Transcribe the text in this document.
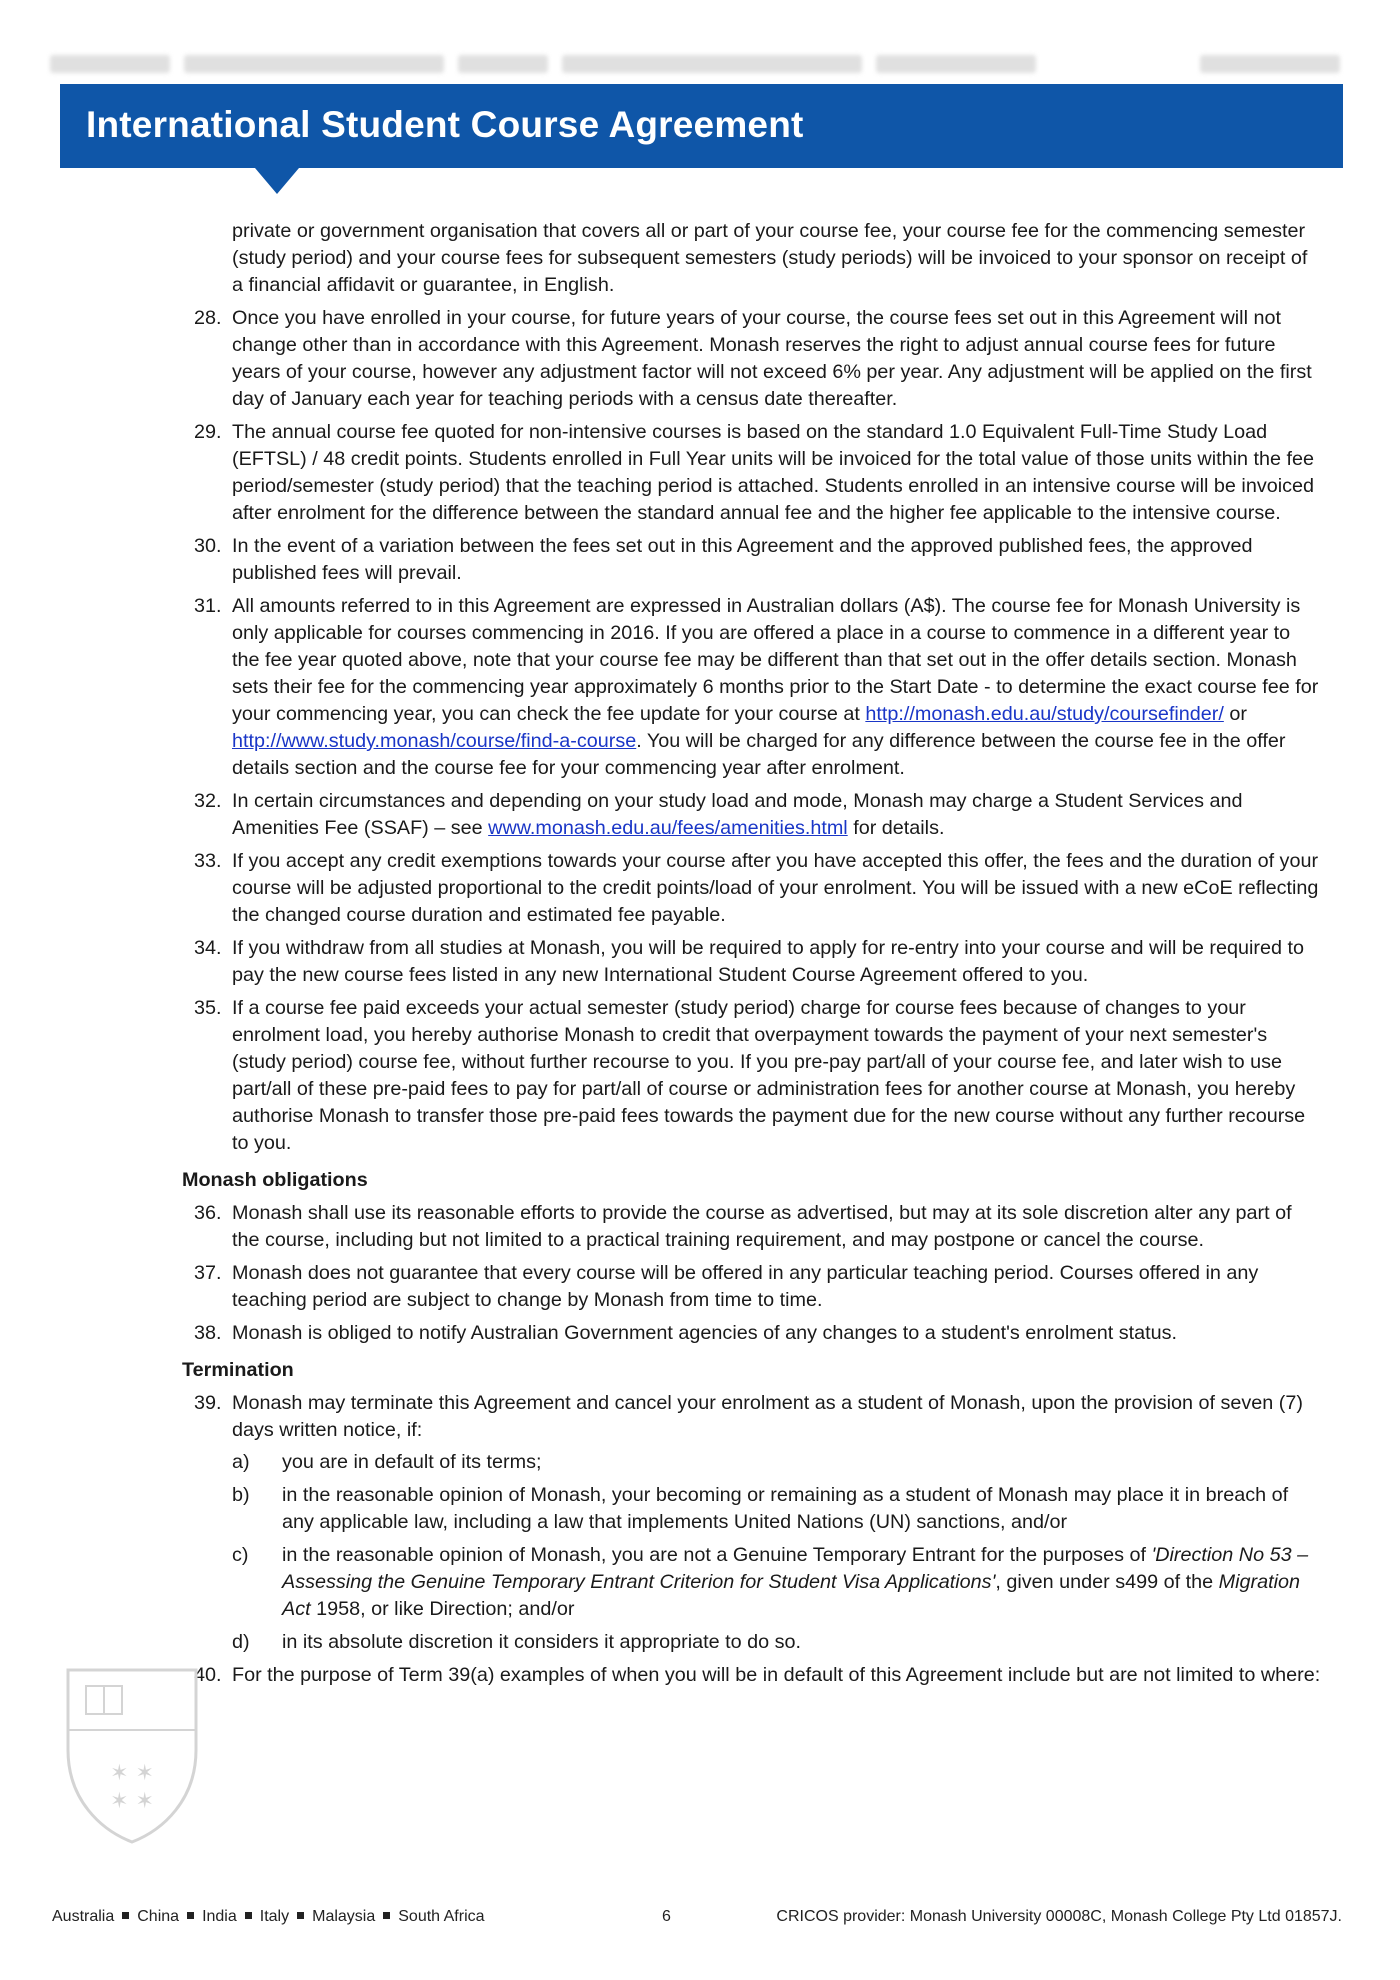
International Student Course Agreement
private or government organisation that covers all or part of your course fee, your course fee for the commencing semester (study period) and your course fees for subsequent semesters (study periods) will be invoiced to your sponsor on receipt of a financial affidavit or guarantee, in English.
28. Once you have enrolled in your course, for future years of your course, the course fees set out in this Agreement will not change other than in accordance with this Agreement. Monash reserves the right to adjust annual course fees for future years of your course, however any adjustment factor will not exceed 6% per year. Any adjustment will be applied on the first day of January each year for teaching periods with a census date thereafter.
29. The annual course fee quoted for non-intensive courses is based on the standard 1.0 Equivalent Full-Time Study Load (EFTSL) / 48 credit points. Students enrolled in Full Year units will be invoiced for the total value of those units within the fee period/semester (study period) that the teaching period is attached. Students enrolled in an intensive course will be invoiced after enrolment for the difference between the standard annual fee and the higher fee applicable to the intensive course.
30. In the event of a variation between the fees set out in this Agreement and the approved published fees, the approved published fees will prevail.
31. All amounts referred to in this Agreement are expressed in Australian dollars (A$). The course fee for Monash University is only applicable for courses commencing in 2016. If you are offered a place in a course to commence in a different year to the fee year quoted above, note that your course fee may be different than that set out in the offer details section. Monash sets their fee for the commencing year approximately 6 months prior to the Start Date - to determine the exact course fee for your commencing year, you can check the fee update for your course at http://monash.edu.au/study/coursefinder/ or http://www.study.monash/course/find-a-course. You will be charged for any difference between the course fee in the offer details section and the course fee for your commencing year after enrolment.
32. In certain circumstances and depending on your study load and mode, Monash may charge a Student Services and Amenities Fee (SSAF) – see www.monash.edu.au/fees/amenities.html for details.
33. If you accept any credit exemptions towards your course after you have accepted this offer, the fees and the duration of your course will be adjusted proportional to the credit points/load of your enrolment. You will be issued with a new eCoE reflecting the changed course duration and estimated fee payable.
34. If you withdraw from all studies at Monash, you will be required to apply for re-entry into your course and will be required to pay the new course fees listed in any new International Student Course Agreement offered to you.
35. If a course fee paid exceeds your actual semester (study period) charge for course fees because of changes to your enrolment load, you hereby authorise Monash to credit that overpayment towards the payment of your next semester's (study period) course fee, without further recourse to you. If you pre-pay part/all of your course fee, and later wish to use part/all of these pre-paid fees to pay for part/all of course or administration fees for another course at Monash, you hereby authorise Monash to transfer those pre-paid fees towards the payment due for the new course without any further recourse to you.
Monash obligations
36. Monash shall use its reasonable efforts to provide the course as advertised, but may at its sole discretion alter any part of the course, including but not limited to a practical training requirement, and may postpone or cancel the course.
37. Monash does not guarantee that every course will be offered in any particular teaching period. Courses offered in any teaching period are subject to change by Monash from time to time.
38. Monash is obliged to notify Australian Government agencies of any changes to a student's enrolment status.
Termination
39. Monash may terminate this Agreement and cancel your enrolment as a student of Monash, upon the provision of seven (7) days written notice, if:
a) you are in default of its terms;
b) in the reasonable opinion of Monash, your becoming or remaining as a student of Monash may place it in breach of any applicable law, including a law that implements United Nations (UN) sanctions, and/or
c) in the reasonable opinion of Monash, you are not a Genuine Temporary Entrant for the purposes of 'Direction No 53 – Assessing the Genuine Temporary Entrant Criterion for Student Visa Applications', given under s499 of the Migration Act 1958, or like Direction; and/or
d) in its absolute discretion it considers it appropriate to do so.
40. For the purpose of Term 39(a) examples of when you will be in default of this Agreement include but are not limited to where:
✶ ✶
✶ ✶
Australia China India Italy Malaysia South Africa	6	CRICOS provider: Monash University 00008C, Monash College Pty Ltd 01857J.
